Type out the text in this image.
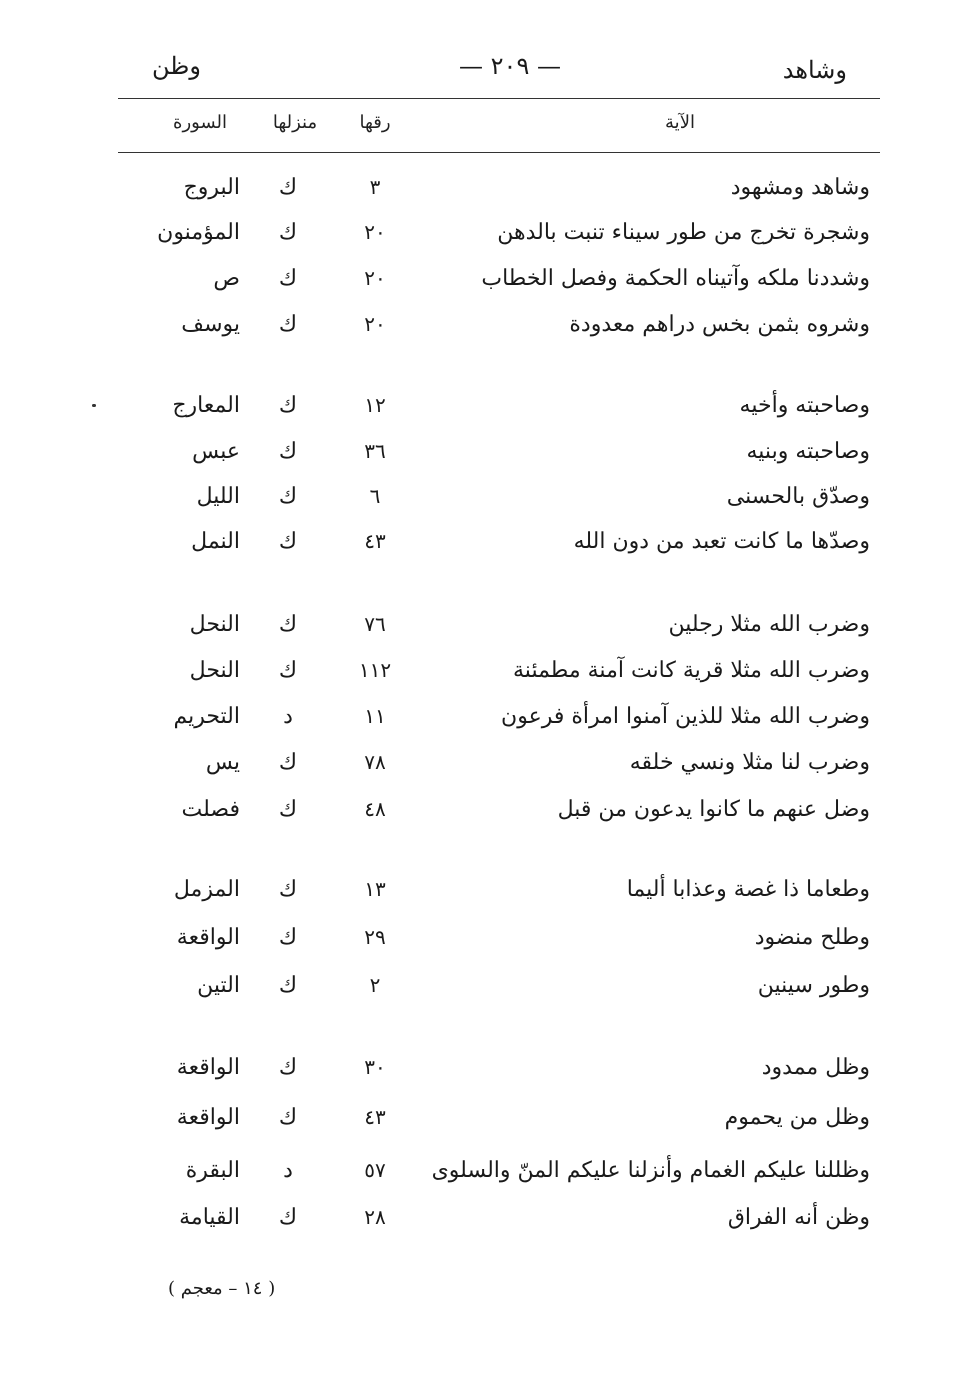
وشاهد
— ٢٠٩ —
وظن
الآية
رقها
منزلها
السورة
وشاهد ومشهود
٣
ك
البروج
وشجرة تخرج من طور سيناء تنبت بالدهن
٢٠
ك
المؤمنون
وشددنا ملكه وآتيناه الحكمة وفصل الخطاب
٢٠
ك
ص
وشروه بثمن بخس دراهم معدودة
٢٠
ك
يوسف
وصاحبته وأخيه
١٢
ك
المعارج
وصاحبته وبنيه
٣٦
ك
عبس
وصدّق بالحسنى
٦
ك
الليل
وصدّها ما كانت تعبد من دون الله
٤٣
ك
النمل
وضرب الله مثلا رجلين
٧٦
ك
النحل
وضرب الله مثلا قرية كانت آمنة مطمئنة
١١٢
ك
النحل
وضرب الله مثلا للذين آمنوا امرأة فرعون
١١
د
التحريم
وضرب لنا مثلا ونسي خلقه
٧٨
ك
يس
وضل عنهم ما كانوا يدعون من قبل
٤٨
ك
فصلت
وطعاما ذا غصة وعذابا أليما
١٣
ك
المزمل
وطلح منضود
٢٩
ك
الواقعة
وطور سينين
٢
ك
التين
وظل ممدود
٣٠
ك
الواقعة
وظل من يحموم
٤٣
ك
الواقعة
وظللنا عليكم الغمام وأنزلنا عليكم المنّ والسلوى
٥٧
د
البقرة
وظن أنه الفراق
٢٨
ك
القيامة
( ١٤ – معجم )
